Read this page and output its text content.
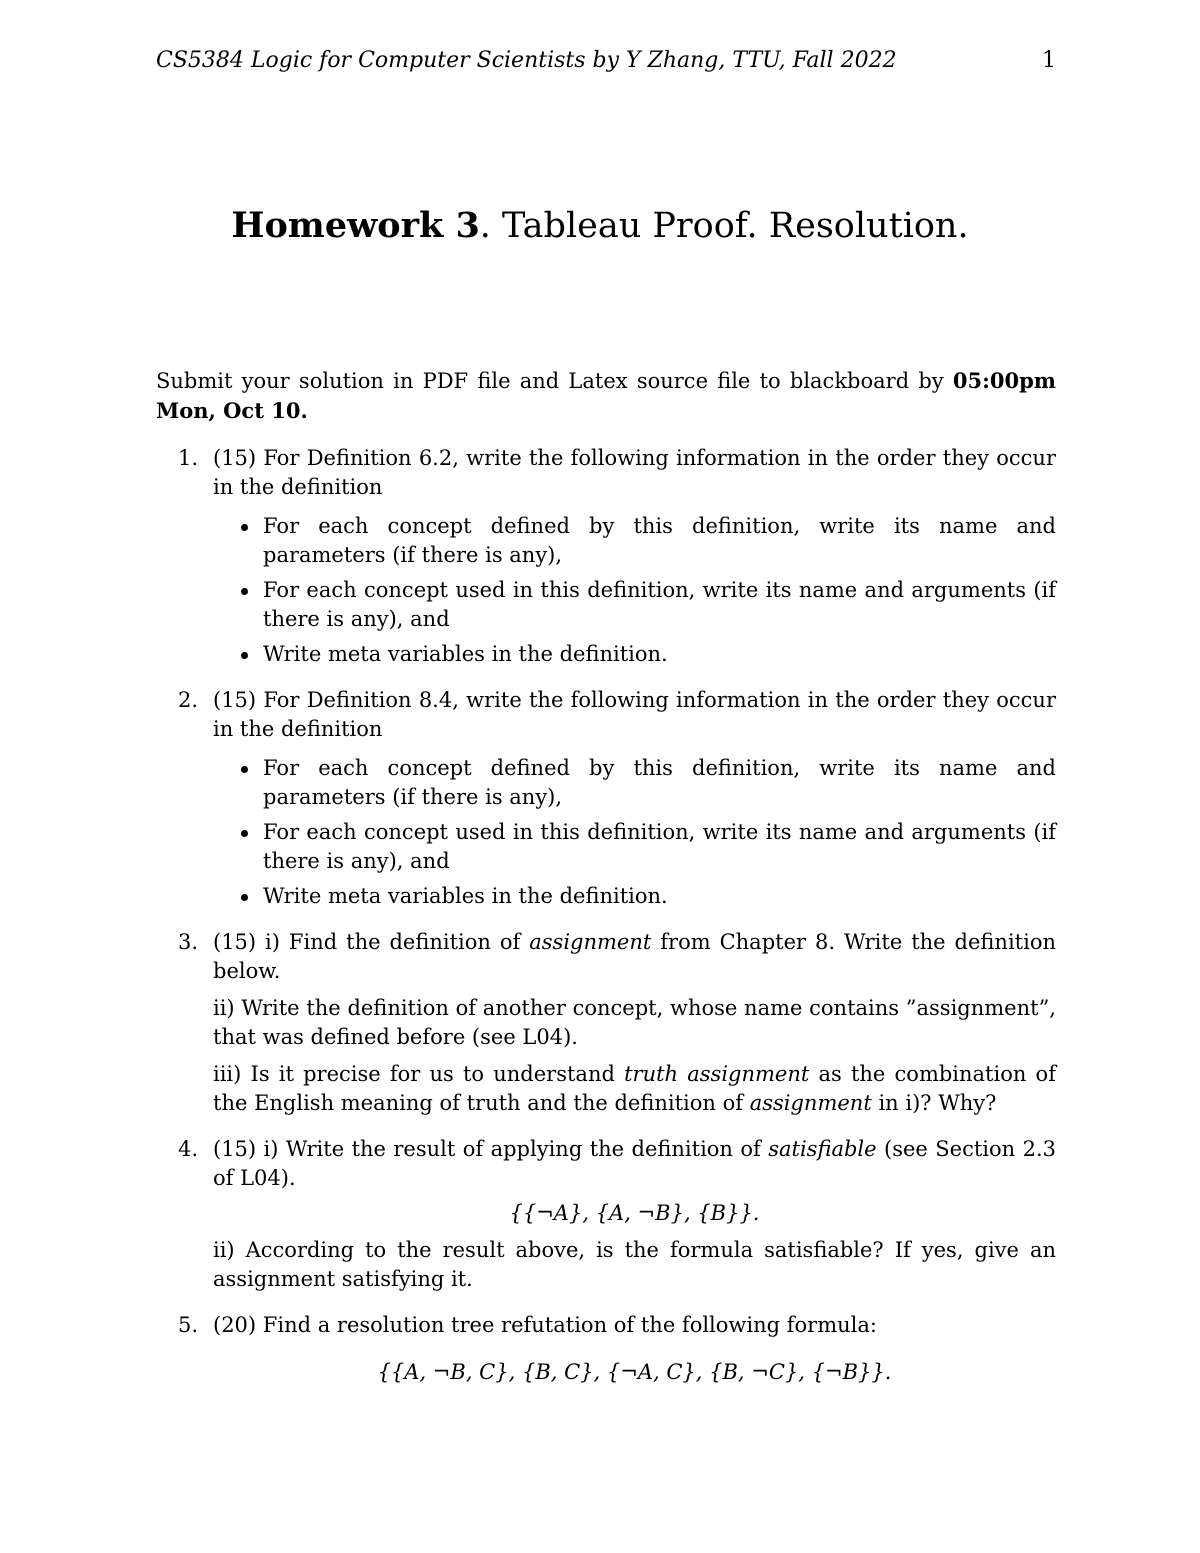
CS5384 Logic for Computer Scientists by Y Zhang, TTU, Fall 2022	1
Homework 3. Tableau Proof. Resolution.

Submit your solution in PDF file and Latex source file to blackboard by 05:00pm Mon, Oct 10.

1. (15) For Definition 6.2, write the following information in the order they occur in the definition

For each concept defined by this definition, write its name and parameters (if there is any),
For each concept used in this definition, write its name and arguments (if there is any), and
Write meta variables in the definition.
2. (15) For Definition 8.4, write the following information in the order they occur in the definition

For each concept defined by this definition, write its name and parameters (if there is any),
For each concept used in this definition, write its name and arguments (if there is any), and
Write meta variables in the definition.
3. (15) i) Find the definition of assignment from Chapter 8. Write the definition below.

ii) Write the definition of another concept, whose name contains ”assignment”, that was defined before (see L04).

iii) Is it precise for us to understand truth assignment as the combination of the English meaning of truth and the definition of assignment in i)? Why?

4. (15) i) Write the result of applying the definition of satisfiable (see Section 2.3 of L04).

{{¬A}, {A, ¬B}, {B}}.

ii) According to the result above, is the formula satisfiable? If yes, give an assignment satisfying it.

5. (20) Find a resolution tree refutation of the following formula:

{{A, ¬B, C}, {B, C}, {¬A, C}, {B, ¬C}, {¬B}}.
